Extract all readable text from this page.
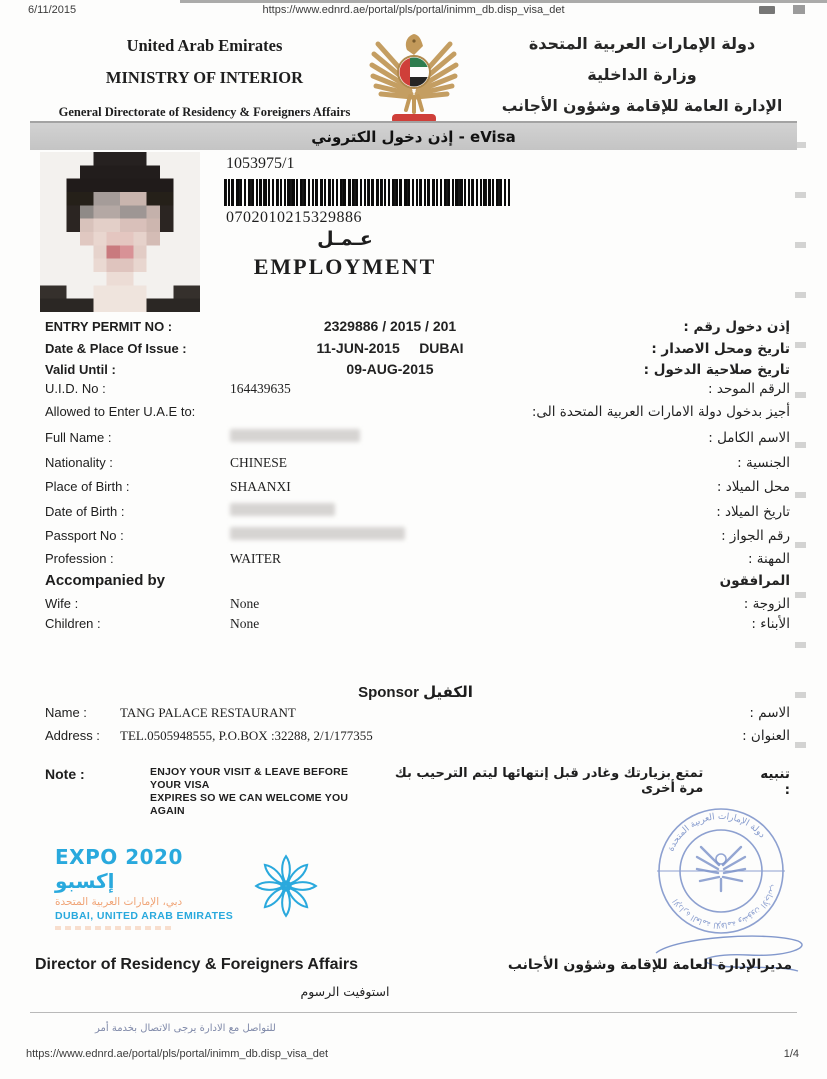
6/11/2015	https://www.ednrd.ae/portal/pls/portal/inimm_db.disp_visa_det
United Arab Emirates
MINISTRY OF INTERIOR
General Directorate of Residency & Foreigners Affairs
دولة الإمارات العربية المتحدة
وزارة الداخلية
الإدارة العامة للإقامة وشؤون الأجانب
إذن دخول الكتروني - eVisa
1053975/1
0702010215329886
عـمـل
EMPLOYMENT
ENTRY PERMIT NO :	2329886 / 2015 / 201	إذن دخول رقم :
Date & Place Of Issue :	11-JUN-2015     DUBAI	تاريخ ومحل الاصدار :
Valid Until :	09-AUG-2015	تاريخ صلاحية الدخول :
U.I.D. No :	164439635	الرقم الموحد :
Allowed to Enter U.A.E to:	أجيز بدخول دولة الامارات العربية المتحدة الى:
Full Name :	الاسم الكامل :
Nationality :	CHINESE	الجنسية :
Place of Birth :	SHAANXI	محل الميلاد :
Date of Birth :	تاريخ الميلاد :
Passport No :	رقم الجواز :
Profession :	WAITER	المهنة :
Accompanied by	المرافقون
Wife :	None	الزوجة :
Children :	None	الأبناء :
Sponsor الكفيل
Name :	TANG PALACE RESTAURANT	الاسم :
Address :	TEL.0505948555, P.O.BOX :32288, 2/1/177355	العنوان :
Note :	ENJOY YOUR VISIT & LEAVE BEFORE YOUR VISA
EXPIRES SO WE CAN WELCOME YOU AGAIN
تمتع بزيارتك وغادر قبل إنتهائها ليتم الترحيب بك مرة أخرى
تنبيه :
EXPO 2020 إكسبو
دبي، الإمارات العربية المتحدة
DUBAI, UNITED ARAB EMIRATES
دولة الإمارات العربية المتحدة
الإدارة العامة للإقامة وشؤون الأجانب
Director of Residency & Foreigners Affairs	مديرالإدارة العامة للإقامة وشؤون الأجانب
استوفيت الرسوم
للتواصل مع الادارة يرجى الاتصال بخدمة أمر
https://www.ednrd.ae/portal/pls/portal/inimm_db.disp_visa_det	1/4
